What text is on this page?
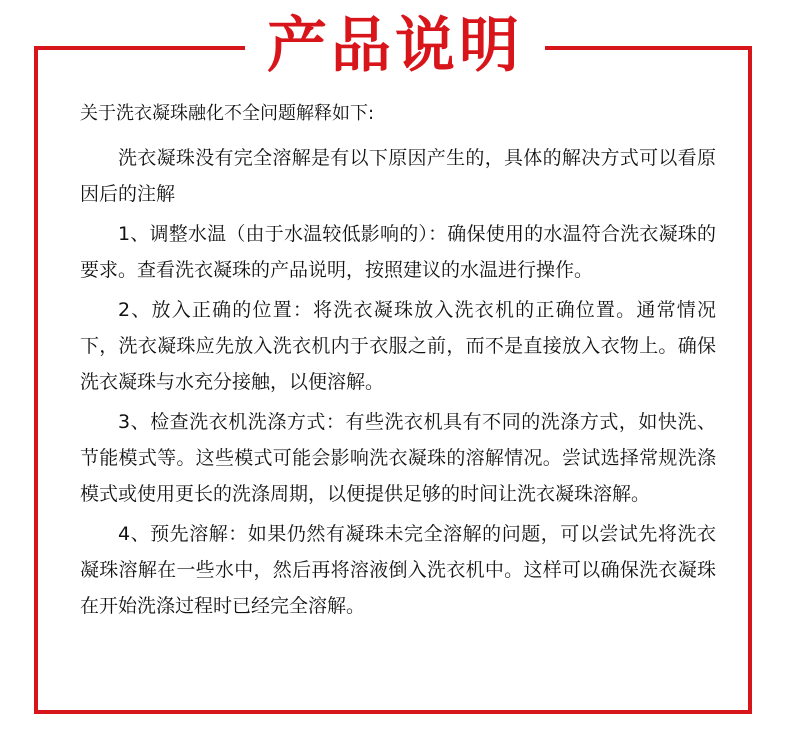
产品说明

关于洗衣凝珠融化不全问题解释如下:

洗衣凝珠没有完全溶解是有以下原因产生的，具体的解决方式可以看原因后的注解

1、调整水温（由于水温较低影响的）：确保使用的水温符合洗衣凝珠的要求。查看洗衣凝珠的产品说明，按照建议的水温进行操作。

2、放入正确的位置：将洗衣凝珠放入洗衣机的正确位置。通常情况下，洗衣凝珠应先放入洗衣机内于衣服之前，而不是直接放入衣物上。确保洗衣凝珠与水充分接触，以便溶解。

3、检查洗衣机洗涤方式：有些洗衣机具有不同的洗涤方式，如快洗、节能模式等。这些模式可能会影响洗衣凝珠的溶解情况。尝试选择常规洗涤模式或使用更长的洗涤周期，以便提供足够的时间让洗衣凝珠溶解。

4、预先溶解：如果仍然有凝珠未完全溶解的问题，可以尝试先将洗衣凝珠溶解在一些水中，然后再将溶液倒入洗衣机中。这样可以确保洗衣凝珠在开始洗涤过程时已经完全溶解。
